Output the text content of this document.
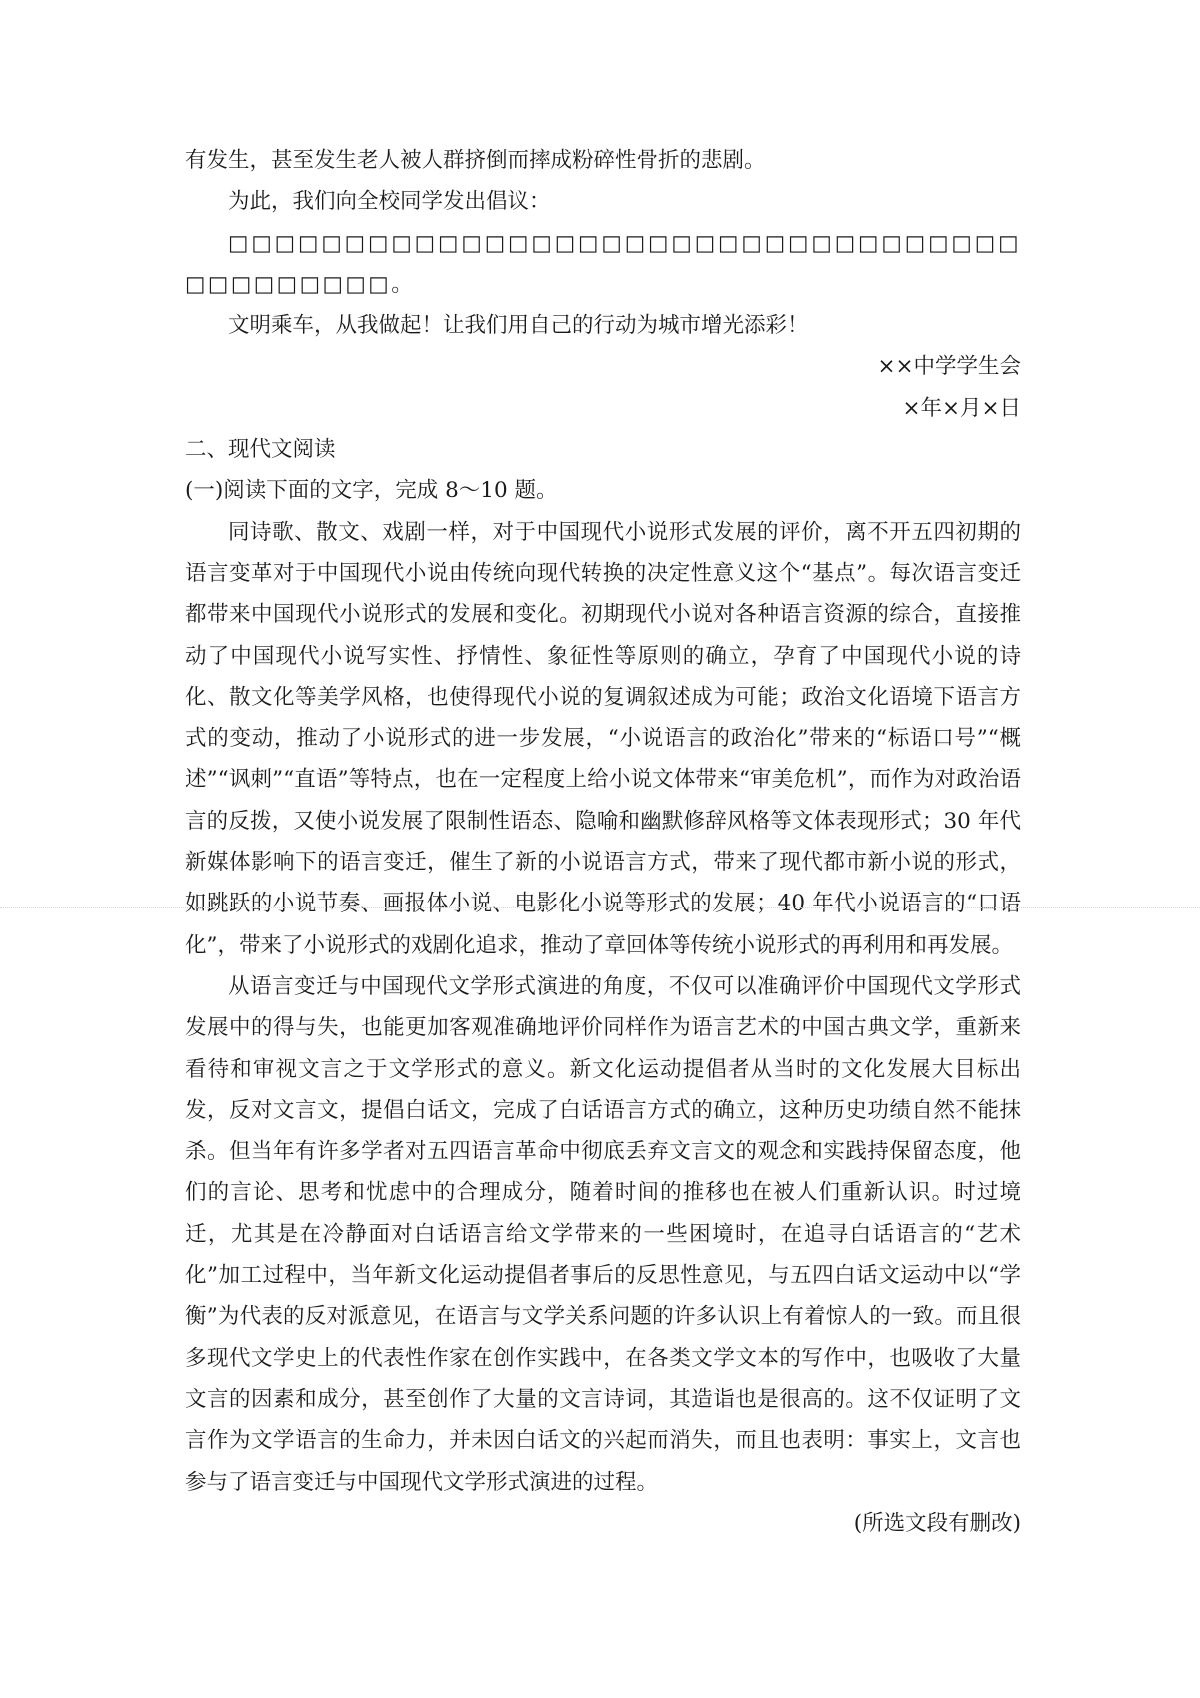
有发生，甚至发生老人被人群挤倒而摔成粉碎性骨折的悲剧。

为此，我们向全校同学发出倡议：

□□□□□□□□□□□□□□□□□□□□□□□□□□□□□□□□□□□□□□□□□□□。

文明乘车，从我做起！让我们用自己的行动为城市增光添彩！

××中学学生会

×年×月×日

二、现代文阅读

(一)阅读下面的文字，完成 8～10 题。

同诗歌、散文、戏剧一样，对于中国现代小说形式发展的评价，离不开五四初期的语言变革对于中国现代小说由传统向现代转换的决定性意义这个“基点”。每次语言变迁都带来中国现代小说形式的发展和变化。初期现代小说对各种语言资源的综合，直接推动了中国现代小说写实性、抒情性、象征性等原则的确立，孕育了中国现代小说的诗化、散文化等美学风格，也使得现代小说的复调叙述成为可能；政治文化语境下语言方式的变动，推动了小说形式的进一步发展，“小说语言的政治化”带来的“标语口号”“概述”“讽刺”“直语”等特点，也在一定程度上给小说文体带来“审美危机”，而作为对政治语言的反拨，又使小说发展了限制性语态、隐喻和幽默修辞风格等文体表现形式；30 年代新媒体影响下的语言变迁，催生了新的小说语言方式，带来了现代都市新小说的形式，如跳跃的小说节奏、画报体小说、电影化小说等形式的发展；40 年代小说语言的“口语化”，带来了小说形式的戏剧化追求，推动了章回体等传统小说形式的再利用和再发展。

从语言变迁与中国现代文学形式演进的角度，不仅可以准确评价中国现代文学形式发展中的得与失，也能更加客观准确地评价同样作为语言艺术的中国古典文学，重新来看待和审视文言之于文学形式的意义。新文化运动提倡者从当时的文化发展大目标出发，反对文言文，提倡白话文，完成了白话语言方式的确立，这种历史功绩自然不能抹杀。但当年有许多学者对五四语言革命中彻底丢弃文言文的观念和实践持保留态度，他们的言论、思考和忧虑中的合理成分，随着时间的推移也在被人们重新认识。时过境迁，尤其是在冷静面对白话语言给文学带来的一些困境时，在追寻白话语言的“艺术化”加工过程中，当年新文化运动提倡者事后的反思性意见，与五四白话文运动中以“学衡”为代表的反对派意见，在语言与文学关系问题的许多认识上有着惊人的一致。而且很多现代文学史上的代表性作家在创作实践中，在各类文学文本的写作中，也吸收了大量文言的因素和成分，甚至创作了大量的文言诗词，其造诣也是很高的。这不仅证明了文言作为文学语言的生命力，并未因白话文的兴起而消失，而且也表明：事实上，文言也参与了语言变迁与中国现代文学形式演进的过程。

(所选文段有删改)
